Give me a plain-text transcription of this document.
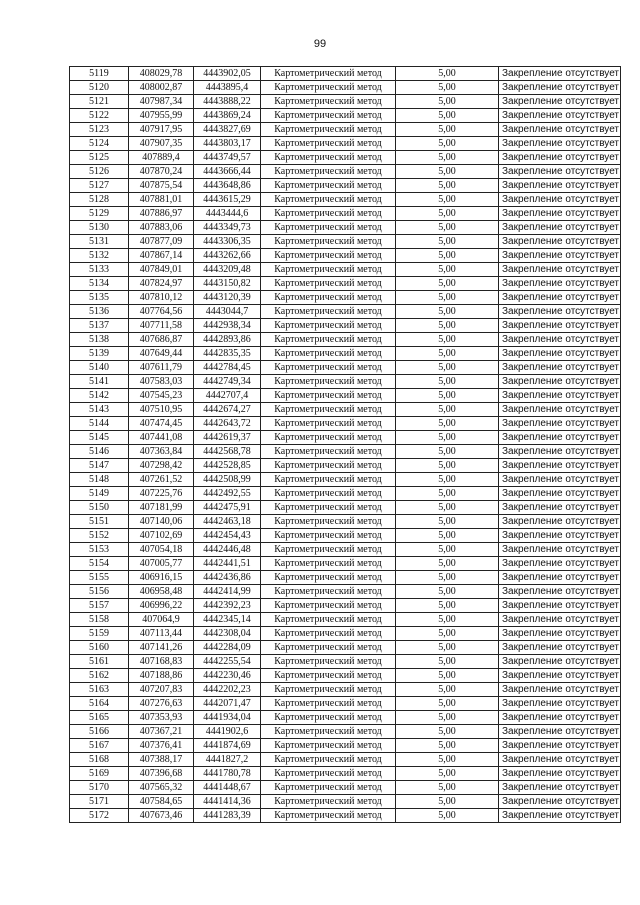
99
5119	408029,78	4443902,05	Картометрический метод	5,00	Закрепление отсутствует
5120	408002,87	4443895,4	Картометрический метод	5,00	Закрепление отсутствует
5121	407987,34	4443888,22	Картометрический метод	5,00	Закрепление отсутствует
5122	407955,99	4443869,24	Картометрический метод	5,00	Закрепление отсутствует
5123	407917,95	4443827,69	Картометрический метод	5,00	Закрепление отсутствует
5124	407907,35	4443803,17	Картометрический метод	5,00	Закрепление отсутствует
5125	407889,4	4443749,57	Картометрический метод	5,00	Закрепление отсутствует
5126	407870,24	4443666,44	Картометрический метод	5,00	Закрепление отсутствует
5127	407875,54	4443648,86	Картометрический метод	5,00	Закрепление отсутствует
5128	407881,01	4443615,29	Картометрический метод	5,00	Закрепление отсутствует
5129	407886,97	4443444,6	Картометрический метод	5,00	Закрепление отсутствует
5130	407883,06	4443349,73	Картометрический метод	5,00	Закрепление отсутствует
5131	407877,09	4443306,35	Картометрический метод	5,00	Закрепление отсутствует
5132	407867,14	4443262,66	Картометрический метод	5,00	Закрепление отсутствует
5133	407849,01	4443209,48	Картометрический метод	5,00	Закрепление отсутствует
5134	407824,97	4443150,82	Картометрический метод	5,00	Закрепление отсутствует
5135	407810,12	4443120,39	Картометрический метод	5,00	Закрепление отсутствует
5136	407764,56	4443044,7	Картометрический метод	5,00	Закрепление отсутствует
5137	407711,58	4442938,34	Картометрический метод	5,00	Закрепление отсутствует
5138	407686,87	4442893,86	Картометрический метод	5,00	Закрепление отсутствует
5139	407649,44	4442835,35	Картометрический метод	5,00	Закрепление отсутствует
5140	407611,79	4442784,45	Картометрический метод	5,00	Закрепление отсутствует
5141	407583,03	4442749,34	Картометрический метод	5,00	Закрепление отсутствует
5142	407545,23	4442707,4	Картометрический метод	5,00	Закрепление отсутствует
5143	407510,95	4442674,27	Картометрический метод	5,00	Закрепление отсутствует
5144	407474,45	4442643,72	Картометрический метод	5,00	Закрепление отсутствует
5145	407441,08	4442619,37	Картометрический метод	5,00	Закрепление отсутствует
5146	407363,84	4442568,78	Картометрический метод	5,00	Закрепление отсутствует
5147	407298,42	4442528,85	Картометрический метод	5,00	Закрепление отсутствует
5148	407261,52	4442508,99	Картометрический метод	5,00	Закрепление отсутствует
5149	407225,76	4442492,55	Картометрический метод	5,00	Закрепление отсутствует
5150	407181,99	4442475,91	Картометрический метод	5,00	Закрепление отсутствует
5151	407140,06	4442463,18	Картометрический метод	5,00	Закрепление отсутствует
5152	407102,69	4442454,43	Картометрический метод	5,00	Закрепление отсутствует
5153	407054,18	4442446,48	Картометрический метод	5,00	Закрепление отсутствует
5154	407005,77	4442441,51	Картометрический метод	5,00	Закрепление отсутствует
5155	406916,15	4442436,86	Картометрический метод	5,00	Закрепление отсутствует
5156	406958,48	4442414,99	Картометрический метод	5,00	Закрепление отсутствует
5157	406996,22	4442392,23	Картометрический метод	5,00	Закрепление отсутствует
5158	407064,9	4442345,14	Картометрический метод	5,00	Закрепление отсутствует
5159	407113,44	4442308,04	Картометрический метод	5,00	Закрепление отсутствует
5160	407141,26	4442284,09	Картометрический метод	5,00	Закрепление отсутствует
5161	407168,83	4442255,54	Картометрический метод	5,00	Закрепление отсутствует
5162	407188,86	4442230,46	Картометрический метод	5,00	Закрепление отсутствует
5163	407207,83	4442202,23	Картометрический метод	5,00	Закрепление отсутствует
5164	407276,63	4442071,47	Картометрический метод	5,00	Закрепление отсутствует
5165	407353,93	4441934,04	Картометрический метод	5,00	Закрепление отсутствует
5166	407367,21	4441902,6	Картометрический метод	5,00	Закрепление отсутствует
5167	407376,41	4441874,69	Картометрический метод	5,00	Закрепление отсутствует
5168	407388,17	4441827,2	Картометрический метод	5,00	Закрепление отсутствует
5169	407396,68	4441780,78	Картометрический метод	5,00	Закрепление отсутствует
5170	407565,32	4441448,67	Картометрический метод	5,00	Закрепление отсутствует
5171	407584,65	4441414,36	Картометрический метод	5,00	Закрепление отсутствует
5172	407673,46	4441283,39	Картометрический метод	5,00	Закрепление отсутствует
